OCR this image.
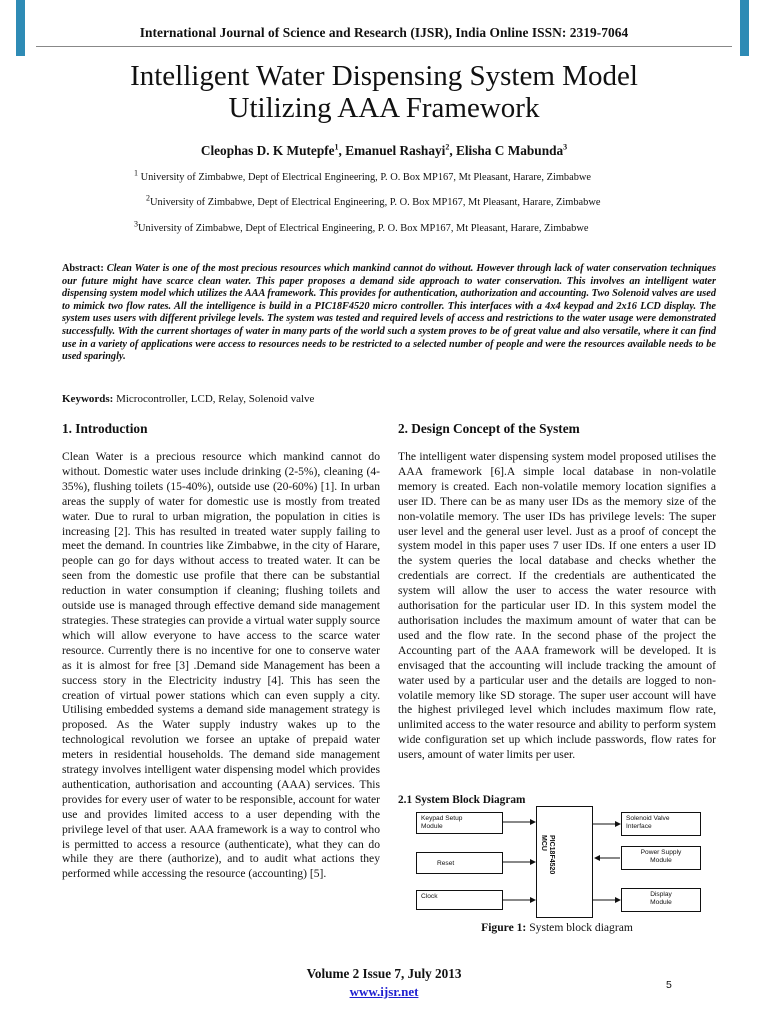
International Journal of Science and Research (IJSR), India Online ISSN: 2319-7064
Intelligent Water Dispensing System Model
Utilizing AAA Framework
Cleophas D. K Mutepfe$^1$, Emanuel Rashayi$^2$, Elisha C Mabunda$^3$
$^1$ University of Zimbabwe, Dept of Electrical Engineering, P. O. Box MP167, Mt Pleasant, Harare, Zimbabwe
$^2$University of Zimbabwe, Dept of Electrical Engineering, P. O. Box MP167, Mt Pleasant, Harare, Zimbabwe
$^3$University of Zimbabwe, Dept of Electrical Engineering, P. O. Box MP167, Mt Pleasant, Harare, Zimbabwe
Abstract: Clean Water is one of the most precious resources which mankind cannot do without. However through lack of water conservation techniques our future might have scarce clean water. This paper proposes a demand side approach to water conservation. This involves an intelligent water dispensing system model which utilizes the AAA framework. This provides for authentication, authorization and accounting. Two Solenoid valves are used to mimick two flow rates. All the intelligence is build in a PIC18F4520 micro controller. This interfaces with a 4x4 keypad and 2x16 LCD display. The system uses users with different privilege levels. The system was tested and required levels of access and restrictions to the water usage were demonstrated successfully. With the current shortages of water in many parts of the world such a system proves to be of great value and also versatile, where it can find use in a variety of applications were access to resources needs to be restricted to a selected number of people and were the resources available needs to be used sparingly.
Keywords: Microcontroller, LCD, Relay, Solenoid valve
1. Introduction	2. Design Concept of the System
Clean Water is a precious resource which mankind cannot do without. Domestic water uses include drinking (2-5%), cleaning (4-35%), flushing toilets (15-40%), outside use (20-60%) [1]. In urban areas the supply of water for domestic use is mostly from treated water. Due to rural to urban migration, the population in cities is increasing [2]. This has resulted in treated water supply failing to meet the demand. In countries like Zimbabwe, in the city of Harare, people can go for days without access to treated water. It can be seen from the domestic use profile that there can be substantial reduction in water consumption if cleaning; flushing toilets and outside use is managed through effective demand side management strategies. These strategies can provide a virtual water supply source which will allow everyone to have access to the scarce water resource. Currently there is no incentive for one to conserve water as it is almost for free [3] .Demand side Management has been a success story in the Electricity industry [4]. This has seen the creation of virtual power stations which can even supply a city. Utilising embedded systems a demand side management strategy is proposed. As the Water supply industry wakes up to the technological revolution we forsee an uptake of prepaid water meters in residential households. The demand side management strategy involves intelligent water dispensing model which provides authentication, authorisation and accounting (AAA) services. This provides for every user of water to be responsible, account for water use and provides limited access to a user depending with the privilege level of that user. AAA framework is a way to control who is permitted to access a resource (authenticate), what they can do while they are there (authorize), and to audit what actions they performed while accessing the resource (accounting) [5].
The intelligent water dispensing system model proposed utilises the AAA framework [6].A simple local database in non-volatile memory is created. Each non-volatile memory location signifies a user ID. There can be as many user IDs as the memory size of the non-volatile memory. The user IDs has privilege levels: The super user level and the general user level. Just as a proof of concept the system model in this paper uses 7 user IDs. If one enters a user ID the system queries the local database and checks whether the credentials are correct. If the credentials are authenticated the system will allow the user to access the water resource with authorisation for the particular user ID. In this system model the authorisation includes the maximum amount of water that can be used and the flow rate. In the second phase of the project the Accounting part of the AAA framework will be developed. It is envisaged that the accounting will include tracking the amount of water used by a particular user and the details are logged to non-volatile memory like SD storage. The super user account will have the highest privileged level which includes maximum flow rate, unlimited access to the water resource and ability to perform system wide configuration set up which include passwords, flow rates for users, amount of water limits per user.
2.1 System Block Diagram
Keypad Setup
Module
Reset
Clock
PIC18F4520
MCU
Solenoid Valve
Interface
Power Supply
Module
Display
Module
Figure 1: System block diagram
Volume 2 Issue 7, July 2013
www.ijsr.net	5
